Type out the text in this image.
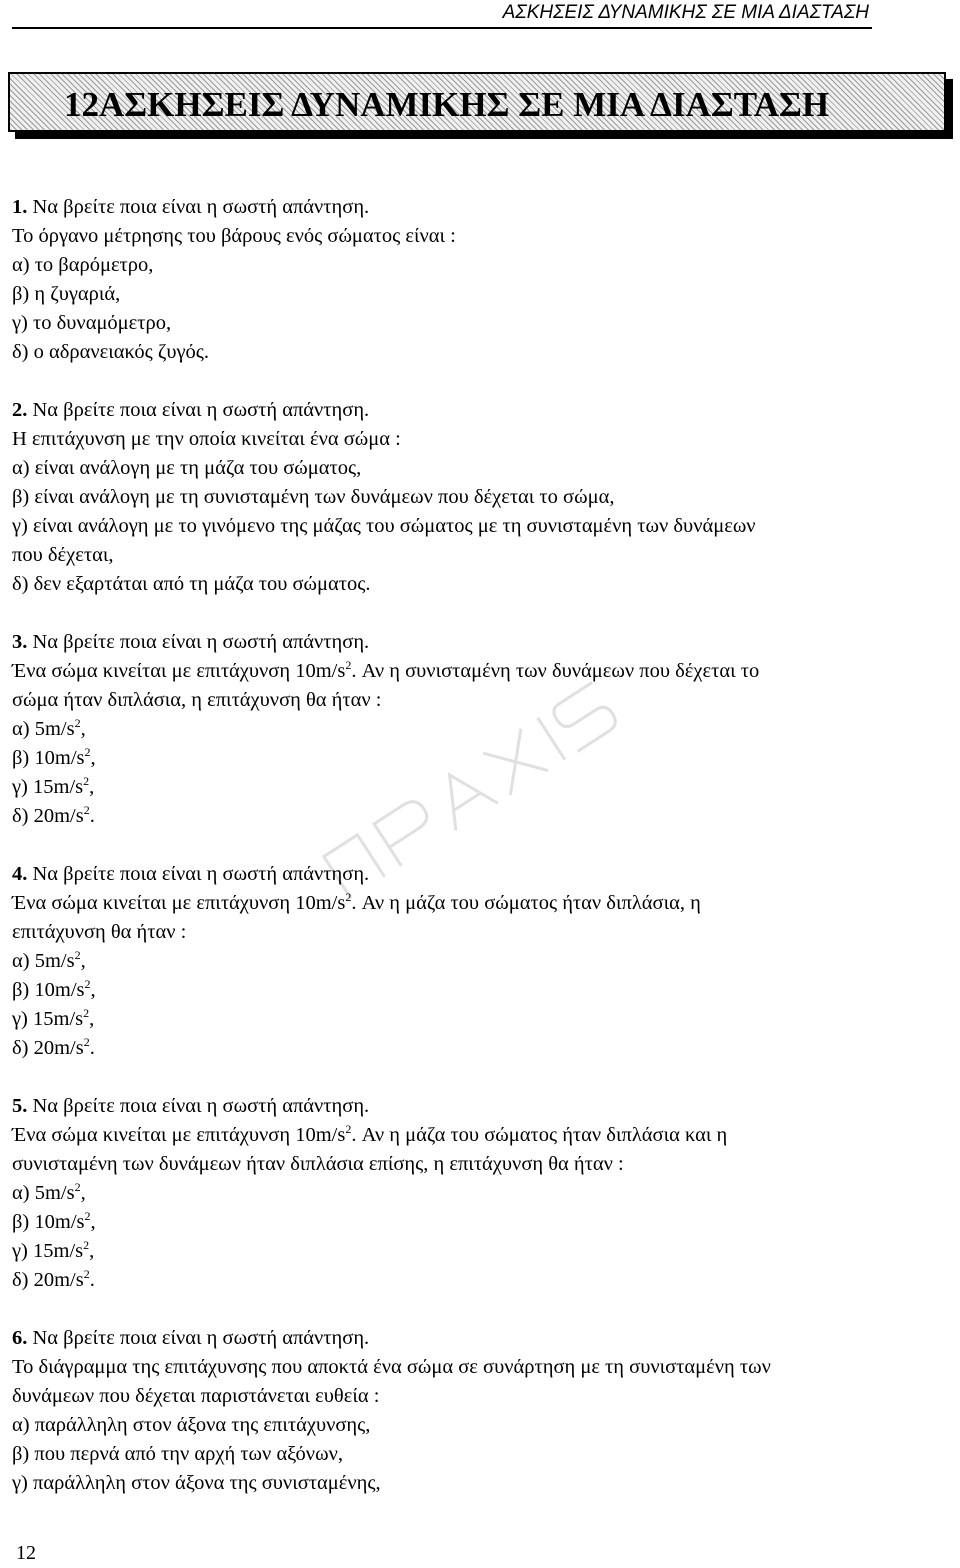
ΑΣΚΗΣΕΙΣ ΔΥΝΑΜΙΚΗΣ ΣΕ ΜΙΑ ΔΙΑΣΤΑΣΗ
12ΑΣΚΗΣΕΙΣ ΔΥΝΑΜΙΚΗΣ ΣΕ ΜΙΑ ΔΙΑΣΤΑΣΗ
1. Να βρείτε ποια είναι η σωστή απάντηση.
Το όργανο μέτρησης του βάρους ενός σώματος είναι :
α) το βαρόμετρο,
β) η ζυγαριά,
γ) το δυναμόμετρο,
δ) ο αδρανειακός ζυγός.
2. Να βρείτε ποια είναι η σωστή απάντηση.
Η επιτάχυνση με την οποία κινείται ένα σώμα :
α) είναι ανάλογη με τη μάζα του σώματος,
β) είναι ανάλογη με τη συνισταμένη των δυνάμεων που δέχεται το σώμα,
γ) είναι ανάλογη με το γινόμενο της μάζας του σώματος με τη συνισταμένη των δυνάμεων
που δέχεται,
δ) δεν εξαρτάται από τη μάζα του σώματος.
3. Να βρείτε ποια είναι η σωστή απάντηση.
Ένα σώμα κινείται με επιτάχυνση $10m/s^2$. Αν η συνισταμένη των δυνάμεων που δέχεται το
σώμα ήταν διπλάσια, η επιτάχυνση θα ήταν :
α) $5m/s^2$,
β) $10m/s^2$,
γ) $15m/s^2$,
δ) $20m/s^2$.
4. Να βρείτε ποια είναι η σωστή απάντηση.
Ένα σώμα κινείται με επιτάχυνση $10m/s^2$. Αν η μάζα του σώματος ήταν διπλάσια, η
επιτάχυνση θα ήταν :
α) $5m/s^2$,
β) $10m/s^2$,
γ) $15m/s^2$,
δ) $20m/s^2$.
5. Να βρείτε ποια είναι η σωστή απάντηση.
Ένα σώμα κινείται με επιτάχυνση $10m/s^2$. Αν η μάζα του σώματος ήταν διπλάσια και η
συνισταμένη των δυνάμεων ήταν διπλάσια επίσης, η επιτάχυνση θα ήταν :
α) $5m/s^2$,
β) $10m/s^2$,
γ) $15m/s^2$,
δ) $20m/s^2$.
6. Να βρείτε ποια είναι η σωστή απάντηση.
Το διάγραμμα της επιτάχυνσης που αποκτά ένα σώμα σε συνάρτηση με τη συνισταμένη των
δυνάμεων που δέχεται παριστάνεται ευθεία :
α) παράλληλη στον άξονα της επιτάχυνσης,
β) που περνά από την αρχή των αξόνων,
γ) παράλληλη στον άξονα της συνισταμένης,
12
